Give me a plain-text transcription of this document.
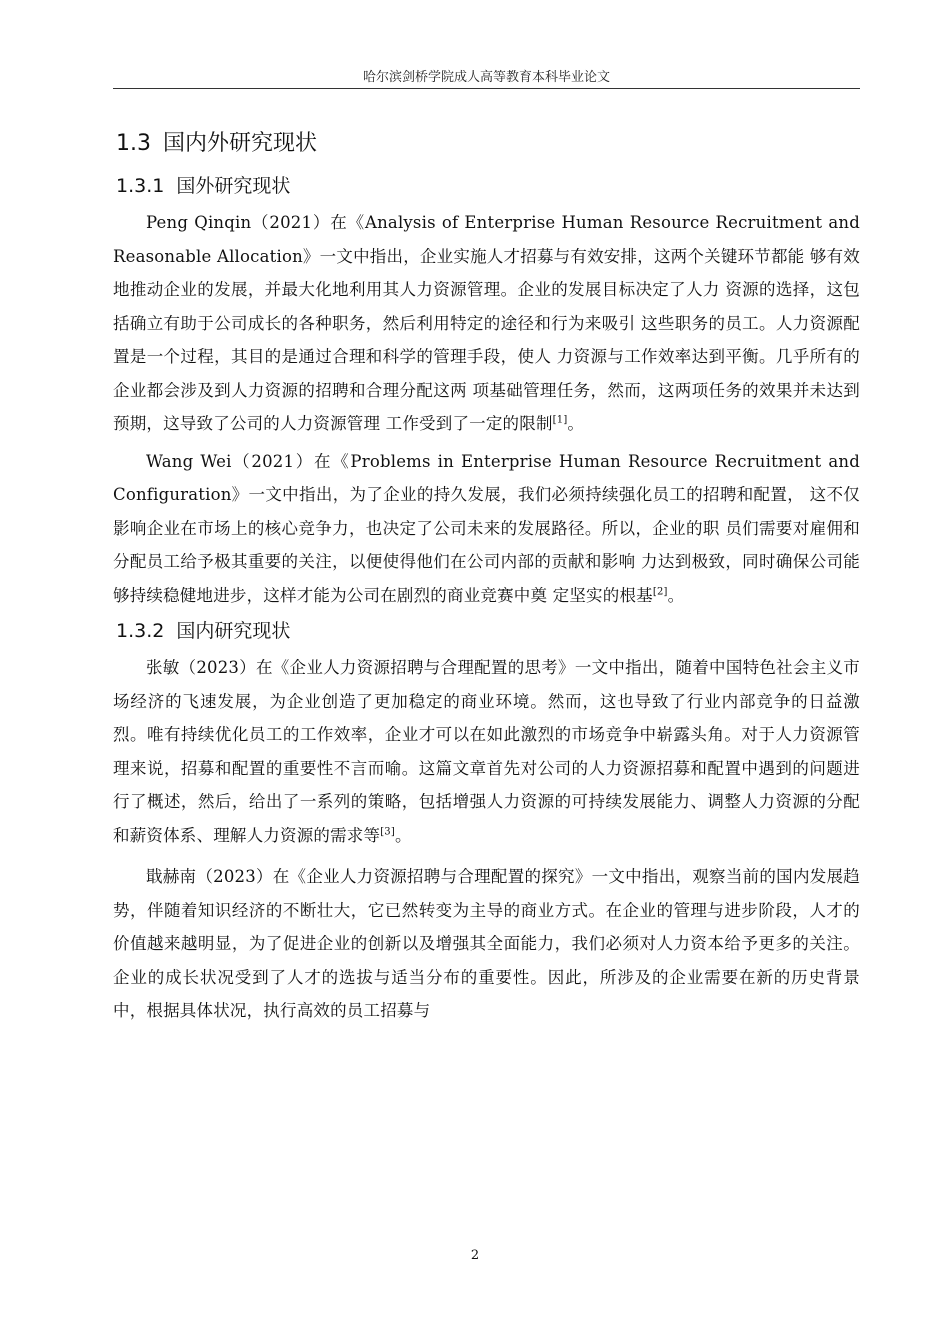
哈尔滨剑桥学院成人高等教育本科毕业论文
1.3 国内外研究现状
1.3.1 国外研究现状

Peng Qinqin（2021）在《Analysis of Enterprise Human Resource Recruitment and Reasonable Allocation》一文中指出，企业实施人才招募与有效安排，这两个关键环节都能 够有效地推动企业的发展，并最大化地利用其人力资源管理。企业的发展目标决定了人力 资源的选择，这包括确立有助于公司成长的各种职务，然后利用特定的途径和行为来吸引 这些职务的员工。人力资源配置是一个过程，其目的是通过合理和科学的管理手段，使人 力资源与工作效率达到平衡。几乎所有的企业都会涉及到人力资源的招聘和合理分配这两 项基础管理任务，然而，这两项任务的效果并未达到预期，这导致了公司的人力资源管理 工作受到了一定的限制[1]。

Wang Wei（2021）在《Problems in Enterprise Human Resource Recruitment and Configuration》一文中指出，为了企业的持久发展，我们必须持续强化员工的招聘和配置， 这不仅影响企业在市场上的核心竞争力，也决定了公司未来的发展路径。所以，企业的职 员们需要对雇佣和分配员工给予极其重要的关注，以便使得他们在公司内部的贡献和影响 力达到极致，同时确保公司能够持续稳健地进步，这样才能为公司在剧烈的商业竞赛中奠 定坚实的根基[2]。

1.3.2 国内研究现状

张敏（2023）在《企业人力资源招聘与合理配置的思考》一文中指出，随着中国特色社会主义市场经济的飞速发展，为企业创造了更加稳定的商业环境。然而，这也导致了行业内部竞争的日益激烈。唯有持续优化员工的工作效率，企业才可以在如此激烈的市场竞争中崭露头角。对于人力资源管理来说，招募和配置的重要性不言而喻。这篇文章首先对公司的人力资源招募和配置中遇到的问题进行了概述，然后，给出了一系列的策略，包括增强人力资源的可持续发展能力、调整人力资源的分配和薪资体系、理解人力资源的需求等[3]。

戢赫南（2023）在《企业人力资源招聘与合理配置的探究》一文中指出，观察当前的国内发展趋势，伴随着知识经济的不断壮大，它已然转变为主导的商业方式。在企业的管理与进步阶段，人才的价值越来越明显，为了促进企业的创新以及增强其全面能力，我们必须对人力资本给予更多的关注。企业的成长状况受到了人才的选拔与适当分布的重要性。因此，所涉及的企业需要在新的历史背景中，根据具体状况，执行高效的员工招募与

2
